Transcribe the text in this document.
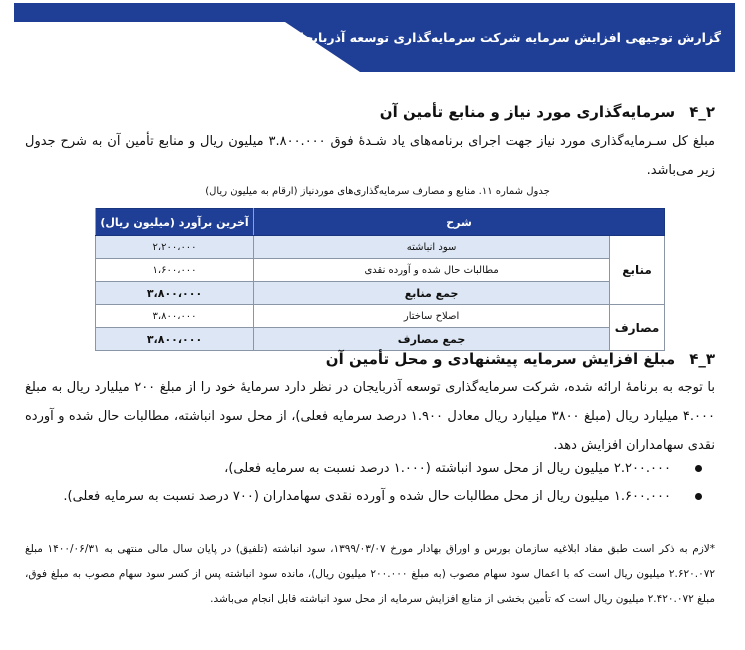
گزارش توجیهی افزایش سرمایه شرکت سرمایه‌گذاری توسعه آذربایجان (سهامی عام)
۲_۴سرمایه‌گذاری مورد نیاز و منابع تأمین آن
مبلغ کل سـرمایه‌گذاری مورد نیاز جهت اجرای برنامه‌های یاد شـدهٔ فوق ۳.۸۰۰.۰۰۰ میلیون ریال و منابع تأمین آن به شرح جدول زیر می‌باشد.
جدول شماره ۱۱. منابع و مصارف سرمایه‌گذاری‌های موردنیاز (ارقام به میلیون ریال)
شرح		آخرین برآورد (میلیون ریال)
منابع	سود انباشته	۲،۲۰۰،۰۰۰
	مطالبات حال شده و آورده نقدی	۱،۶۰۰،۰۰۰
	جمع منابع	۳،۸۰۰،۰۰۰
مصارف	اصلاح ساختار	۳،۸۰۰،۰۰۰
	جمع مصارف	۳،۸۰۰،۰۰۰
۳_۴مبلغ افزایش سرمایه پیشنهادی و محل تأمین آن
با توجه به برنامهٔ ارائه شده، شرکت سرمایه‌گذاری توسعه آذربایجان در نظر دارد سرمایهٔ خود را از مبلغ ۲۰۰ میلیارد ریال به مبلغ ۴.۰۰۰ میلیارد ریال (مبلغ ۳۸۰۰ میلیارد ریال معادل ۱.۹۰۰ درصد سرمایه فعلی)، از محل سود انباشته، مطالبات حال شده و آورده نقدی سهامداران افزایش دهد.
۲.۲۰۰.۰۰۰ میلیون ریال از محل سود انباشته (۱.۰۰۰ درصد نسبت به سرمایه فعلی)،
۱.۶۰۰.۰۰۰ میلیون ریال از محل مطالبات حال شده و آورده نقدی سهامداران (۷۰۰ درصد نسبت به سرمایه فعلی).
*لازم به ذکر است طبق مفاد ابلاغیه سازمان بورس و اوراق بهادار مورخ ۱۳۹۹/۰۳/۰۷، سود انباشته (تلفیق) در پایان سال مالی منتهی به ۱۴۰۰/۰۶/۳۱ مبلغ ۲.۶۲۰.۰۷۲ میلیون ریال است که با اعمال سود سهام مصوب (به مبلغ ۲۰۰.۰۰۰ میلیون ریال)، مانده سود انباشته پس از کسر سود سهام مصوب به مبلغ فوق، مبلغ ۲.۴۲۰.۰۷۲ میلیون ریال است که تأمین بخشی از منابع افزایش سرمایه از محل سود انباشته قابل انجام می‌باشد.
